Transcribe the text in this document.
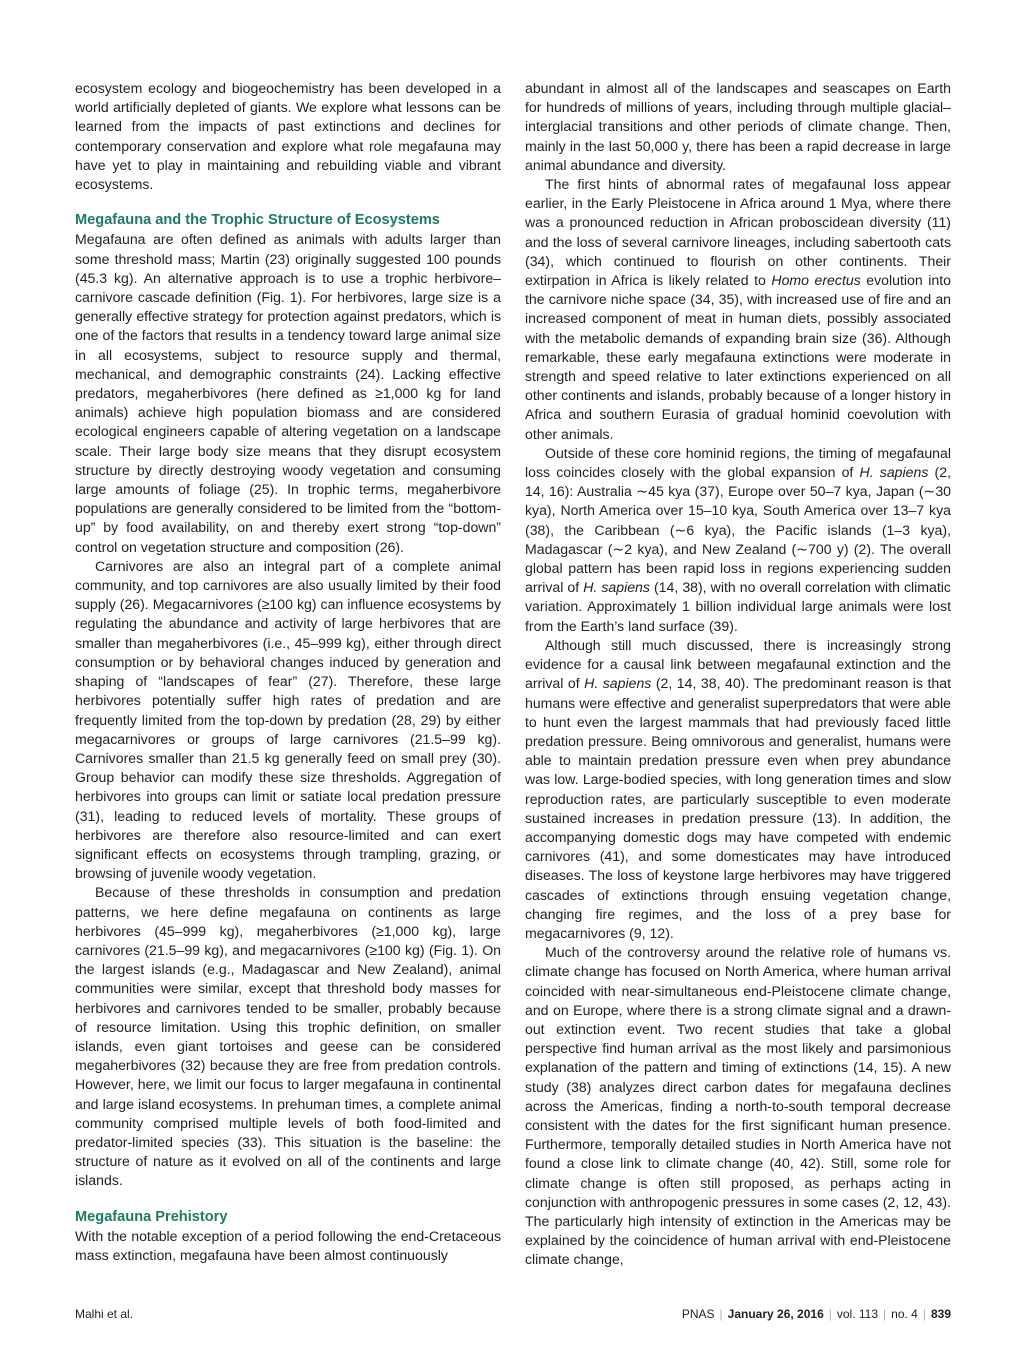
ecosystem ecology and biogeochemistry has been developed in a world artificially depleted of giants. We explore what lessons can be learned from the impacts of past extinctions and declines for contemporary conservation and explore what role megafauna may have yet to play in maintaining and rebuilding viable and vibrant ecosystems.

Megafauna and the Trophic Structure of Ecosystems

Megafauna are often defined as animals with adults larger than some threshold mass; Martin (23) originally suggested 100 pounds (45.3 kg). An alternative approach is to use a trophic herbivore–carnivore cascade definition (Fig. 1). For herbivores, large size is a generally effective strategy for protection against predators, which is one of the factors that results in a tendency toward large animal size in all ecosystems, subject to resource supply and thermal, mechanical, and demographic constraints (24). Lacking effective predators, megaherbivores (here defined as ≥1,000 kg for land animals) achieve high population biomass and are considered ecological engineers capable of altering vegetation on a landscape scale. Their large body size means that they disrupt ecosystem structure by directly destroying woody vegetation and consuming large amounts of foliage (25). In trophic terms, megaherbivore populations are generally considered to be limited from the “bottom-up” by food availability, on and thereby exert strong “top-down” control on vegetation structure and composition (26).

Carnivores are also an integral part of a complete animal community, and top carnivores are also usually limited by their food supply (26). Megacarnivores (≥100 kg) can influence ecosystems by regulating the abundance and activity of large herbivores that are smaller than megaherbivores (i.e., 45–999 kg), either through direct consumption or by behavioral changes induced by generation and shaping of “landscapes of fear” (27). Therefore, these large herbivores potentially suffer high rates of predation and are frequently limited from the top-down by predation (28, 29) by either megacarnivores or groups of large carnivores (21.5–99 kg). Carnivores smaller than 21.5 kg generally feed on small prey (30). Group behavior can modify these size thresholds. Aggregation of herbivores into groups can limit or satiate local predation pressure (31), leading to reduced levels of mortality. These groups of herbivores are therefore also resource-limited and can exert significant effects on ecosystems through trampling, grazing, or browsing of juvenile woody vegetation.

Because of these thresholds in consumption and predation patterns, we here define megafauna on continents as large herbivores (45–999 kg), megaherbivores (≥1,000 kg), large carnivores (21.5–99 kg), and megacarnivores (≥100 kg) (Fig. 1). On the largest islands (e.g., Madagascar and New Zealand), animal communities were similar, except that threshold body masses for herbivores and carnivores tended to be smaller, probably because of resource limitation. Using this trophic definition, on smaller islands, even giant tortoises and geese can be considered megaherbivores (32) because they are free from predation controls. However, here, we limit our focus to larger megafauna in continental and large island ecosystems. In prehuman times, a complete animal community comprised multiple levels of both food-limited and predator-limited species (33). This situation is the baseline: the structure of nature as it evolved on all of the continents and large islands.

Megafauna Prehistory

With the notable exception of a period following the end-Cretaceous mass extinction, megafauna have been almost continuously

abundant in almost all of the landscapes and seascapes on Earth for hundreds of millions of years, including through multiple glacial–interglacial transitions and other periods of climate change. Then, mainly in the last 50,000 y, there has been a rapid decrease in large animal abundance and diversity.

The first hints of abnormal rates of megafaunal loss appear earlier, in the Early Pleistocene in Africa around 1 Mya, where there was a pronounced reduction in African proboscidean diversity (11) and the loss of several carnivore lineages, including sabertooth cats (34), which continued to flourish on other continents. Their extirpation in Africa is likely related to Homo erectus evolution into the carnivore niche space (34, 35), with increased use of fire and an increased component of meat in human diets, possibly associated with the metabolic demands of expanding brain size (36). Although remarkable, these early megafauna extinctions were moderate in strength and speed relative to later extinctions experienced on all other continents and islands, probably because of a longer history in Africa and southern Eurasia of gradual hominid coevolution with other animals.

Outside of these core hominid regions, the timing of megafaunal loss coincides closely with the global expansion of H. sapiens (2, 14, 16): Australia ∼45 kya (37), Europe over 50–7 kya, Japan (∼30 kya), North America over 15–10 kya, South America over 13–7 kya (38), the Caribbean (∼6 kya), the Pacific islands (1–3 kya), Madagascar (∼2 kya), and New Zealand (∼700 y) (2). The overall global pattern has been rapid loss in regions experiencing sudden arrival of H. sapiens (14, 38), with no overall correlation with climatic variation. Approximately 1 billion individual large animals were lost from the Earth’s land surface (39).

Although still much discussed, there is increasingly strong evidence for a causal link between megafaunal extinction and the arrival of H. sapiens (2, 14, 38, 40). The predominant reason is that humans were effective and generalist superpredators that were able to hunt even the largest mammals that had previously faced little predation pressure. Being omnivorous and generalist, humans were able to maintain predation pressure even when prey abundance was low. Large-bodied species, with long generation times and slow reproduction rates, are particularly susceptible to even moderate sustained increases in predation pressure (13). In addition, the accompanying domestic dogs may have competed with endemic carnivores (41), and some domesticates may have introduced diseases. The loss of keystone large herbivores may have triggered cascades of extinctions through ensuing vegetation change, changing fire regimes, and the loss of a prey base for megacarnivores (9, 12).

Much of the controversy around the relative role of humans vs. climate change has focused on North America, where human arrival coincided with near-simultaneous end-Pleistocene climate change, and on Europe, where there is a strong climate signal and a drawn-out extinction event. Two recent studies that take a global perspective find human arrival as the most likely and parsimonious explanation of the pattern and timing of extinctions (14, 15). A new study (38) analyzes direct carbon dates for megafauna declines across the Americas, finding a north-to-south temporal decrease consistent with the dates for the first significant human presence. Furthermore, temporally detailed studies in North America have not found a close link to climate change (40, 42). Still, some role for climate change is often still proposed, as perhaps acting in conjunction with anthropogenic pressures in some cases (2, 12, 43). The particularly high intensity of extinction in the Americas may be explained by the coincidence of human arrival with end-Pleistocene climate change,

Malhi et al.	PNAS | January 26, 2016 | vol. 113 | no. 4 | 839
